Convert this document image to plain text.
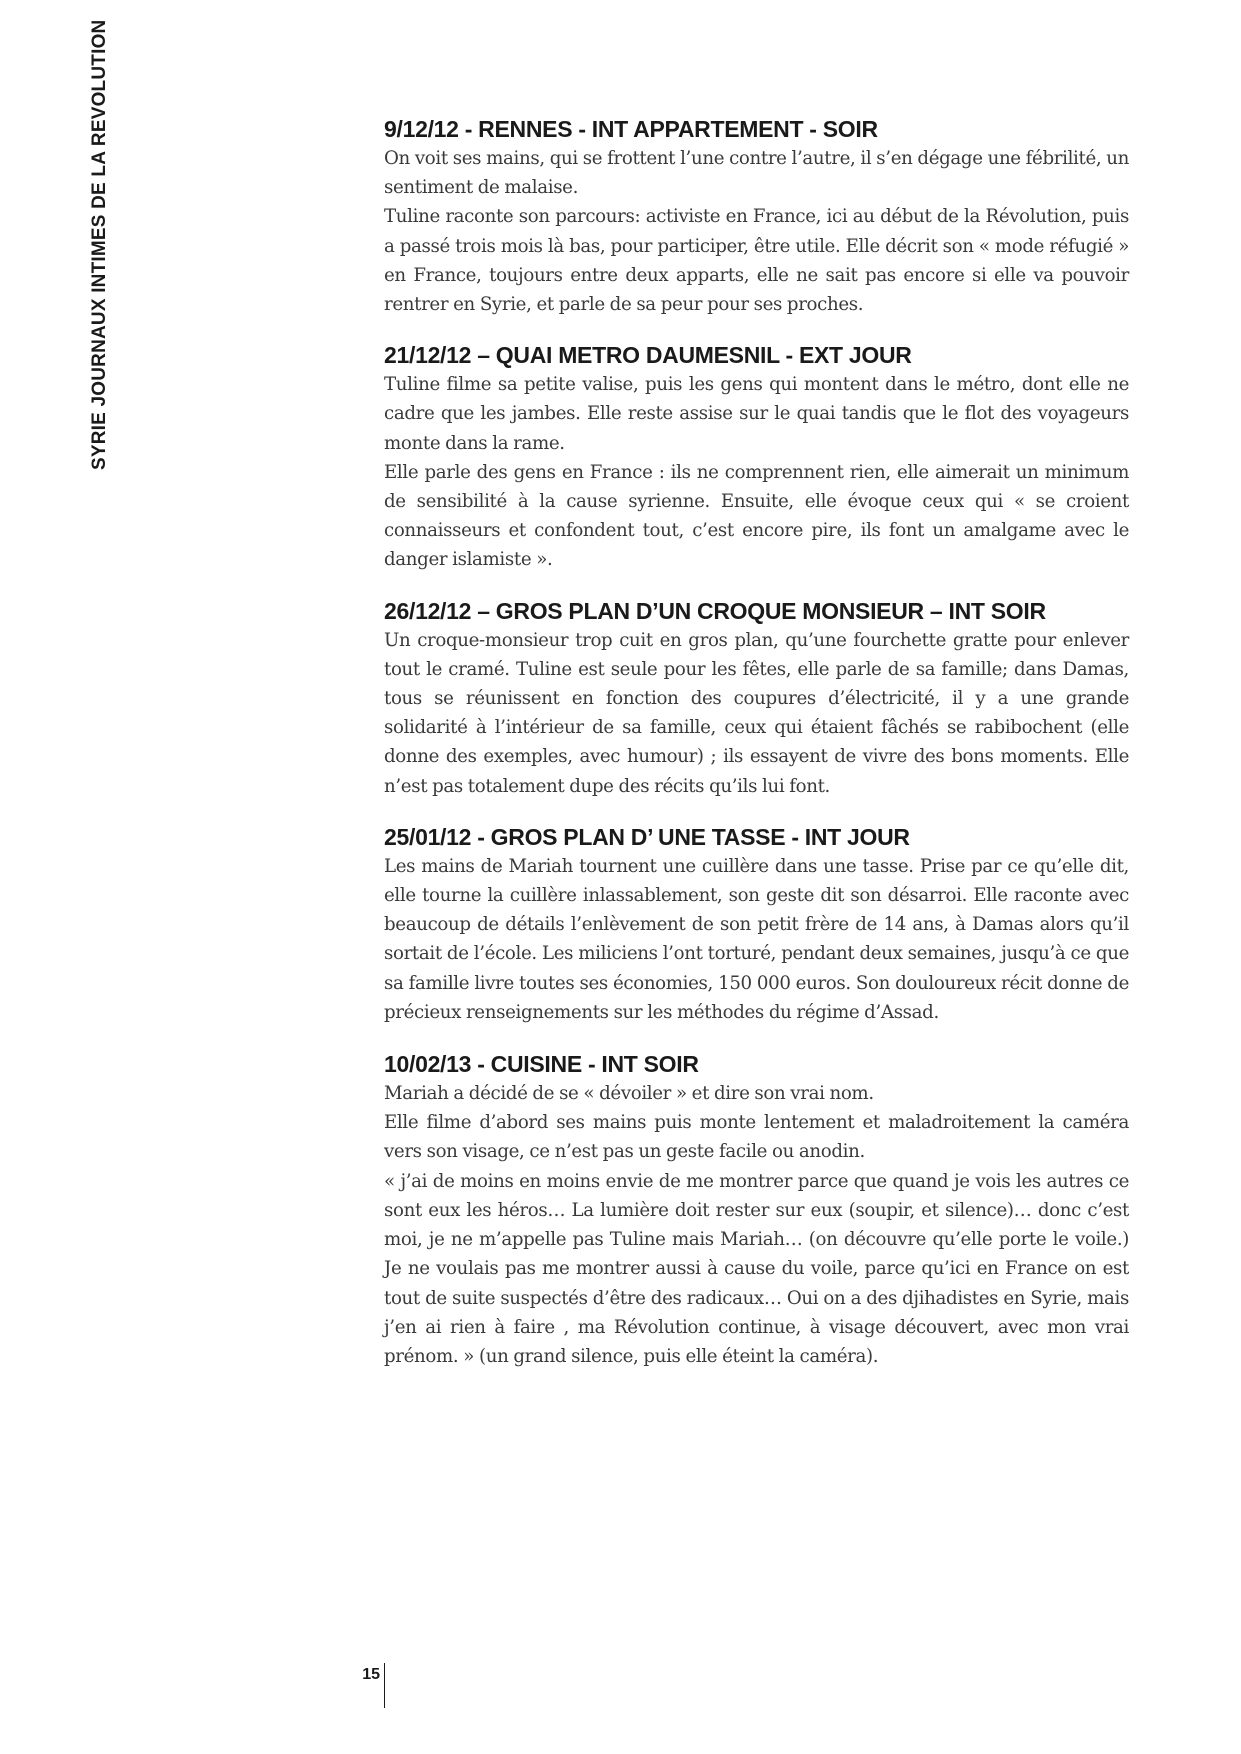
SYRIE JOURNAUX INTIMES DE LA REVOLUTION	9/12/12 - RENNES - INT APPARTEMENT - SOIR

On voit ses mains, qui se frottent l’une contre l’autre, il s’en dégage une fébrilité, un sentiment de malaise.

Tuline raconte son parcours: activiste en France, ici au début de la Révolution, puis a passé trois mois là bas, pour participer, être utile. Elle décrit son « mode réfugié » en France, toujours entre deux apparts, elle ne sait pas encore si elle va pouvoir rentrer en Syrie, et parle de sa peur pour ses proches.

21/12/12 – QUAI METRO DAUMESNIL - EXT JOUR

Tuline filme sa petite valise, puis les gens qui montent dans le métro, dont elle ne cadre que les jambes. Elle reste assise sur le quai tandis que le flot des voyageurs monte dans la rame.

Elle parle des gens en France : ils ne comprennent rien, elle aimerait un minimum de sensibilité à la cause syrienne. Ensuite, elle évoque ceux qui « se croient connaisseurs et confondent tout, c’est encore pire, ils font un amalgame avec le danger islamiste ».

26/12/12 – GROS PLAN D’UN CROQUE MONSIEUR – INT SOIR

Un croque-monsieur trop cuit en gros plan, qu’une fourchette gratte pour enlever tout le cramé. Tuline est seule pour les fêtes, elle parle de sa famille; dans Damas, tous se réunissent en fonction des coupures d’électricité, il y a une grande solidarité à l’intérieur de sa famille, ceux qui étaient fâchés se rabibochent (elle donne des exemples, avec humour) ; ils essayent de vivre des bons moments. Elle n’est pas totalement dupe des récits qu’ils lui font.

25/01/12 - GROS PLAN D’ UNE TASSE - INT JOUR

Les mains de Mariah tournent une cuillère dans une tasse. Prise par ce qu’elle dit, elle tourne la cuillère inlassablement, son geste dit son désarroi. Elle raconte avec beaucoup de détails l’enlèvement de son petit frère de 14 ans, à Damas alors qu’il sortait de l’école. Les miliciens l’ont torturé, pendant deux semaines, jusqu’à ce que sa famille livre toutes ses économies, 150 000 euros. Son douloureux récit donne de précieux renseignements sur les méthodes du régime d’Assad.

10/02/13 - CUISINE - INT SOIR

Mariah a décidé de se « dévoiler » et dire son vrai nom.

Elle filme d’abord ses mains puis monte lentement et maladroitement la caméra vers son visage, ce n’est pas un geste facile ou anodin.

« j’ai de moins en moins envie de me montrer parce que quand je vois les autres ce sont eux les héros… La lumière doit rester sur eux (soupir, et silence)… donc c’est moi, je ne m’appelle pas Tuline mais Mariah… (on découvre qu’elle porte le voile.) Je ne voulais pas me montrer aussi à cause du voile, parce qu’ici en France on est tout de suite suspectés d’être des radicaux… Oui on a des djihadistes en Syrie, mais j’en ai rien à faire , ma Révolution continue, à visage découvert, avec mon vrai prénom. » (un grand silence, puis elle éteint la caméra).

15
